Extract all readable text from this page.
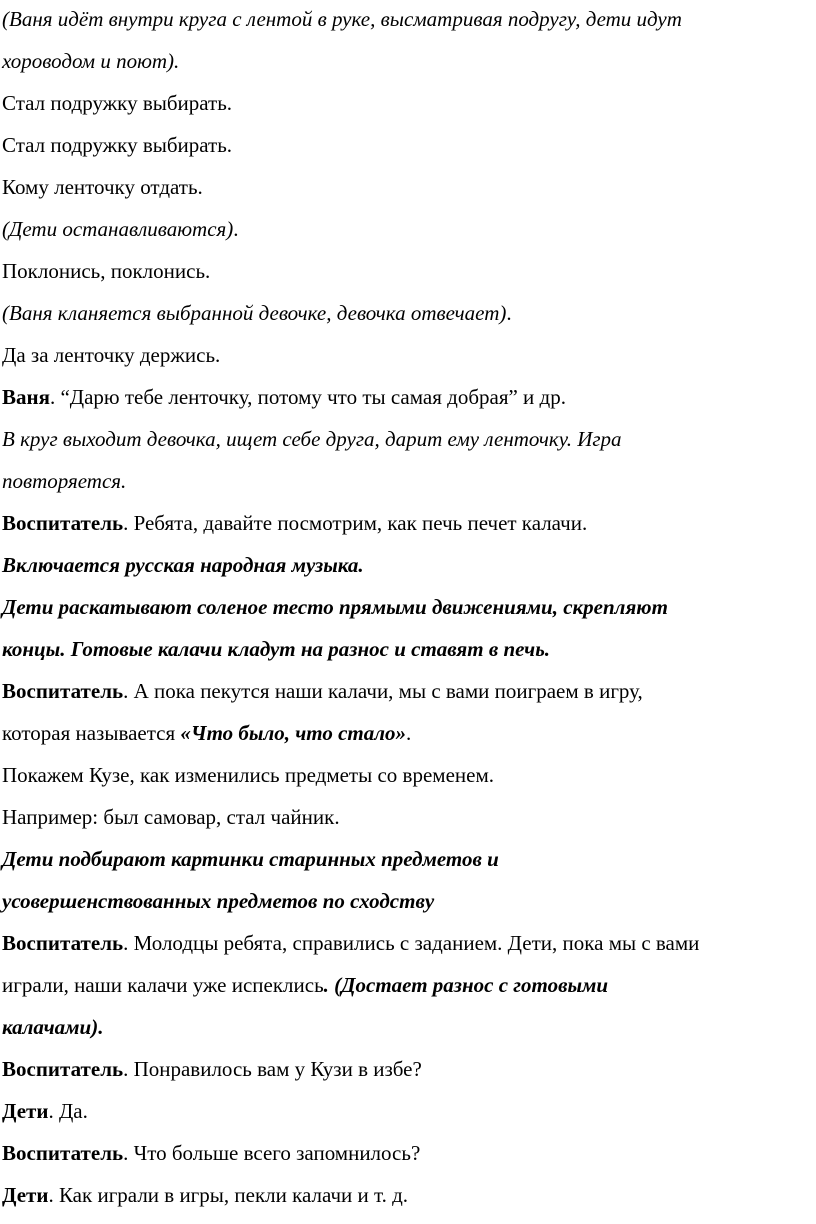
(Ваня идёт внутри круга с лентой в руке, высматривая подругу, дети идут
хороводом и поют).
Стал подружку выбирать.
Стал подружку выбирать.
Кому ленточку отдать.
(Дети останавливаются).
Поклонись, поклонись.
(Ваня кланяется выбранной девочке, девочка отвечает).
Да за ленточку держись.
Ваня. “Дарю тебе ленточку, потому что ты самая добрая” и др.
В круг выходит девочка, ищет себе друга, дарит ему ленточку. Игра
повторяется.
Воспитатель. Ребята, давайте посмотрим, как печь печет калачи.
Включается русская народная музыка.
Дети раскатывают соленое тесто прямыми движениями, скрепляют
концы. Готовые калачи кладут на разнос и ставят в печь.
Воспитатель. А пока пекутся наши калачи, мы с вами поиграем в игру,
которая называется «Что было, что стало».
Покажем Кузе, как изменились предметы со временем.
Например: был самовар, стал чайник.
Дети подбирают картинки старинных предметов и
усовершенствованных предметов по сходству
Воспитатель. Молодцы ребята, справились с заданием. Дети, пока мы с вами
играли, наши калачи уже испеклись. (Достает разнос с готовыми
калачами).
Воспитатель. Понравилось вам у Кузи в избе?
Дети. Да.
Воспитатель. Что больше всего запомнилось?
Дети. Как играли в игры, пекли калачи и т. д.
